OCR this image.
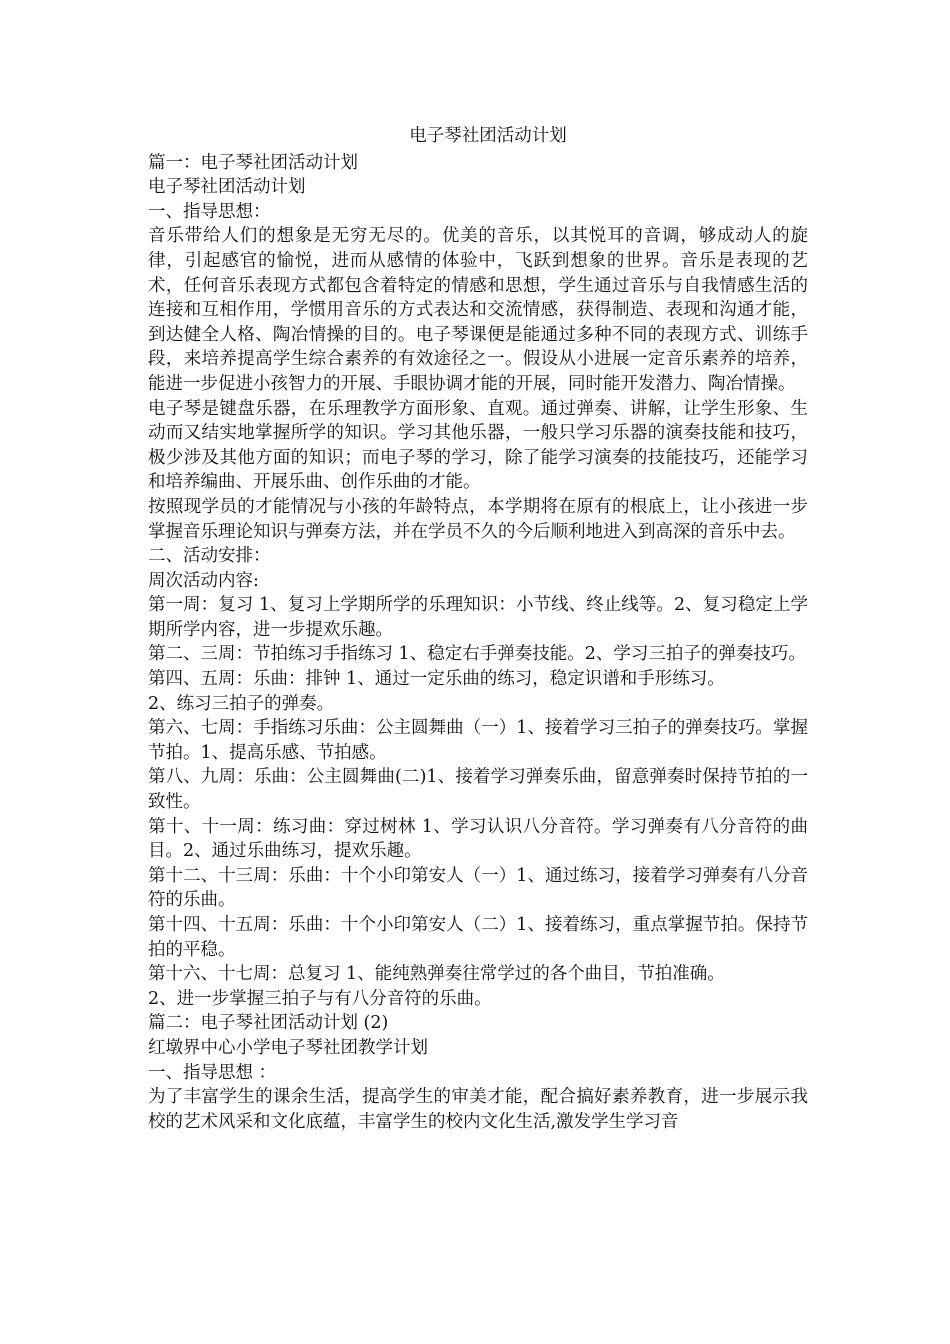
电子琴社团活动计划

篇一：电子琴社团活动计划

电子琴社团活动计划

一、指导思想：

音乐带给人们的想象是无穷无尽的。优美的音乐，以其悦耳的音调，够成动人的旋律，引起感官的愉悦，进而从感情的体验中，飞跃到想象的世界。音乐是表现的艺术，任何音乐表现方式都包含着特定的情感和思想，学生通过音乐与自我情感生活的连接和互相作用，学惯用音乐的方式表达和交流情感，获得制造、表现和沟通才能，到达健全人格、陶冶情操的目的。电子琴课便是能通过多种不同的表现方式、训练手段，来培养提高学生综合素养的有效途径之一。假设从小进展一定音乐素养的培养，能进一步促进小孩智力的开展、手眼协调才能的开展，同时能开发潜力、陶冶情操。

电子琴是键盘乐器，在乐理教学方面形象、直观。通过弹奏、讲解，让学生形象、生动而又结实地掌握所学的知识。学习其他乐器，一般只学习乐器的演奏技能和技巧，极少涉及其他方面的知识；而电子琴的学习，除了能学习演奏的技能技巧，还能学习和培养编曲、开展乐曲、创作乐曲的才能。

按照现学员的才能情况与小孩的年龄特点，本学期将在原有的根底上，让小孩进一步掌握音乐理论知识与弹奏方法，并在学员不久的今后顺利地进入到高深的音乐中去。

二、活动安排：

周次活动内容:

第一周：复习 1、复习上学期所学的乐理知识：小节线、终止线等。2、复习稳定上学期所学内容，进一步提欢乐趣。

第二、三周：节拍练习手指练习 1、稳定右手弹奏技能。2、学习三拍子的弹奏技巧。

第四、五周：乐曲：排钟 1、通过一定乐曲的练习，稳定识谱和手形练习。

2、练习三拍子的弹奏。

第六、七周：手指练习乐曲：公主圆舞曲（一）1、接着学习三拍子的弹奏技巧。掌握节拍。1、提高乐感、节拍感。

第八、九周：乐曲：公主圆舞曲(二)1、接着学习弹奏乐曲，留意弹奏时保持节拍的一致性。

第十、十一周：练习曲：穿过树林 1、学习认识八分音符。学习弹奏有八分音符的曲目。2、通过乐曲练习，提欢乐趣。

第十二、十三周：乐曲：十个小印第安人（一）1、通过练习，接着学习弹奏有八分音符的乐曲。

第十四、十五周：乐曲：十个小印第安人（二）1、接着练习，重点掌握节拍。保持节拍的平稳。

第十六、十七周：总复习 1、能纯熟弹奏往常学过的各个曲目，节拍准确。

2、进一步掌握三拍子与有八分音符的乐曲。

篇二：电子琴社团活动计划 (2)

红墩界中心小学电子琴社团教学计划

一、指导思想 ：

为了丰富学生的课余生活，提高学生的审美才能，配合搞好素养教育，进一步展示我校的艺术风采和文化底蕴，丰富学生的校内文化生活,激发学生学习音
